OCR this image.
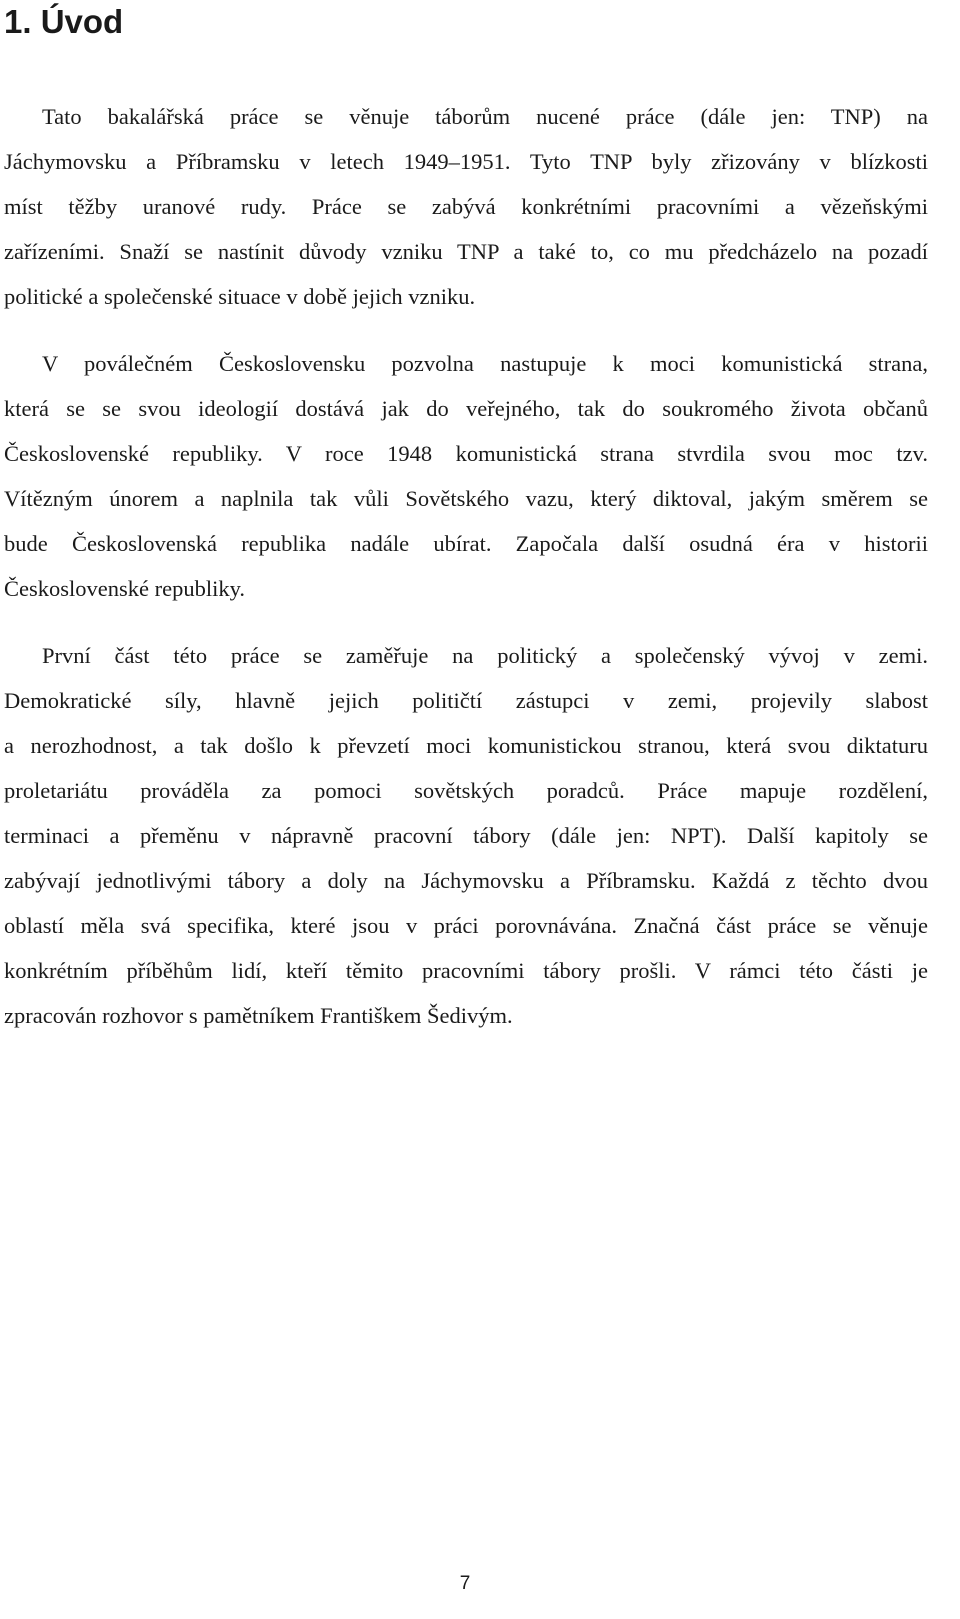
1. Úvod
Tato bakalářská práce se věnuje táborům nucené práce (dále jen: TNP) na
Jáchymovsku a Příbramsku v letech 1949–1951. Tyto TNP byly zřizovány v blízkosti
míst těžby uranové rudy. Práce se zabývá konkrétními pracovními a vězeňskými
zařízeními. Snaží se nastínit důvody vzniku TNP a také to, co mu předcházelo na pozadí
politické a společenské situace v době jejich vzniku.
V poválečném Československu pozvolna nastupuje k moci komunistická strana,
která se se svou ideologií dostává jak do veřejného, tak do soukromého života občanů
Československé republiky. V roce 1948 komunistická strana stvrdila svou moc tzv.
Vítězným únorem a naplnila tak vůli Sovětského vazu, který diktoval, jakým směrem se
bude Československá republika nadále ubírat. Započala další osudná éra v historii
Československé republiky.
První část této práce se zaměřuje na politický a společenský vývoj v zemi.
Demokratické síly, hlavně jejich političtí zástupci v zemi, projevily slabost
a nerozhodnost, a tak došlo k převzetí moci komunistickou stranou, která svou diktaturu
proletariátu prováděla za pomoci sovětských poradců. Práce mapuje rozdělení,
terminaci a přeměnu v nápravně pracovní tábory (dále jen: NPT). Další kapitoly se
zabývají jednotlivými tábory a doly na Jáchymovsku a Příbramsku. Každá z těchto dvou
oblastí měla svá specifika, které jsou v práci porovnávána. Značná část práce se věnuje
konkrétním příběhům lidí, kteří těmito pracovními tábory prošli. V rámci této části je
zpracován rozhovor s pamětníkem Františkem Šedivým.

7
